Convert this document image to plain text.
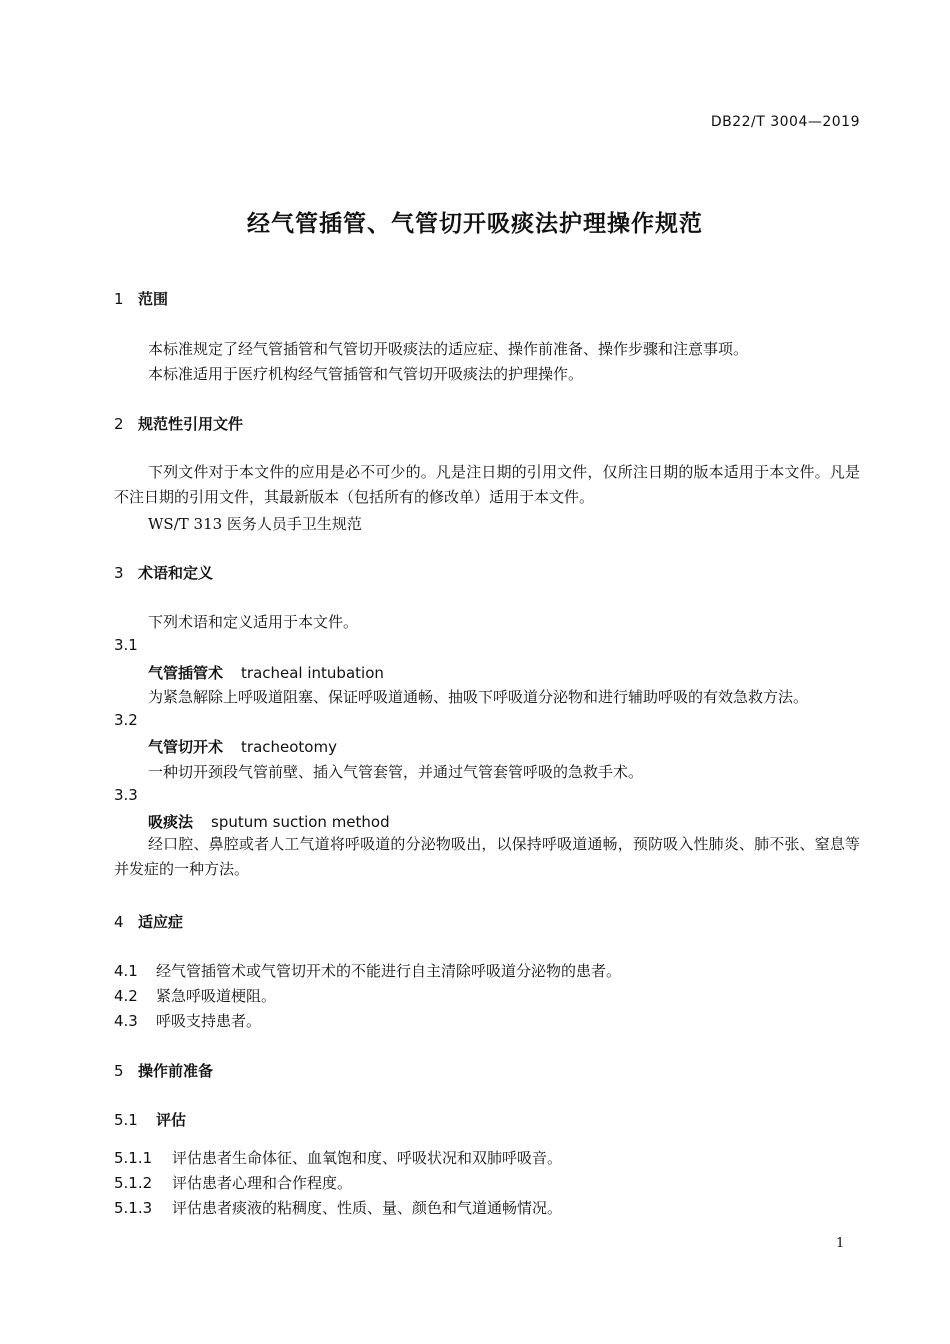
DB22/T 3004—2019
经气管插管、气管切开吸痰法护理操作规范
1 范围
本标准规定了经气管插管和气管切开吸痰法的适应症、操作前准备、操作步骤和注意事项。
本标准适用于医疗机构经气管插管和气管切开吸痰法的护理操作。
2 规范性引用文件
下列文件对于本文件的应用是必不可少的。凡是注日期的引用文件，仅所注日期的版本适用于本文件。凡是不注日期的引用文件，其最新版本（包括所有的修改单）适用于本文件。
WS/T 313 医务人员手卫生规范
3 术语和定义
下列术语和定义适用于本文件。
3.1
气管插管术 tracheal intubation
为紧急解除上呼吸道阻塞、保证呼吸道通畅、抽吸下呼吸道分泌物和进行辅助呼吸的有效急救方法。
3.2
气管切开术 tracheotomy
一种切开颈段气管前壁、插入气管套管，并通过气管套管呼吸的急救手术。
3.3
吸痰法 sputum suction method
经口腔、鼻腔或者人工气道将呼吸道的分泌物吸出，以保持呼吸道通畅，预防吸入性肺炎、肺不张、窒息等并发症的一种方法。
4 适应症
4.1 经气管插管术或气管切开术的不能进行自主清除呼吸道分泌物的患者。
4.2 紧急呼吸道梗阻。
4.3 呼吸支持患者。
5 操作前准备
5.1 评估
5.1.1 评估患者生命体征、血氧饱和度、呼吸状况和双肺呼吸音。
5.1.2 评估患者心理和合作程度。
5.1.3 评估患者痰液的粘稠度、性质、量、颜色和气道通畅情况。
1
